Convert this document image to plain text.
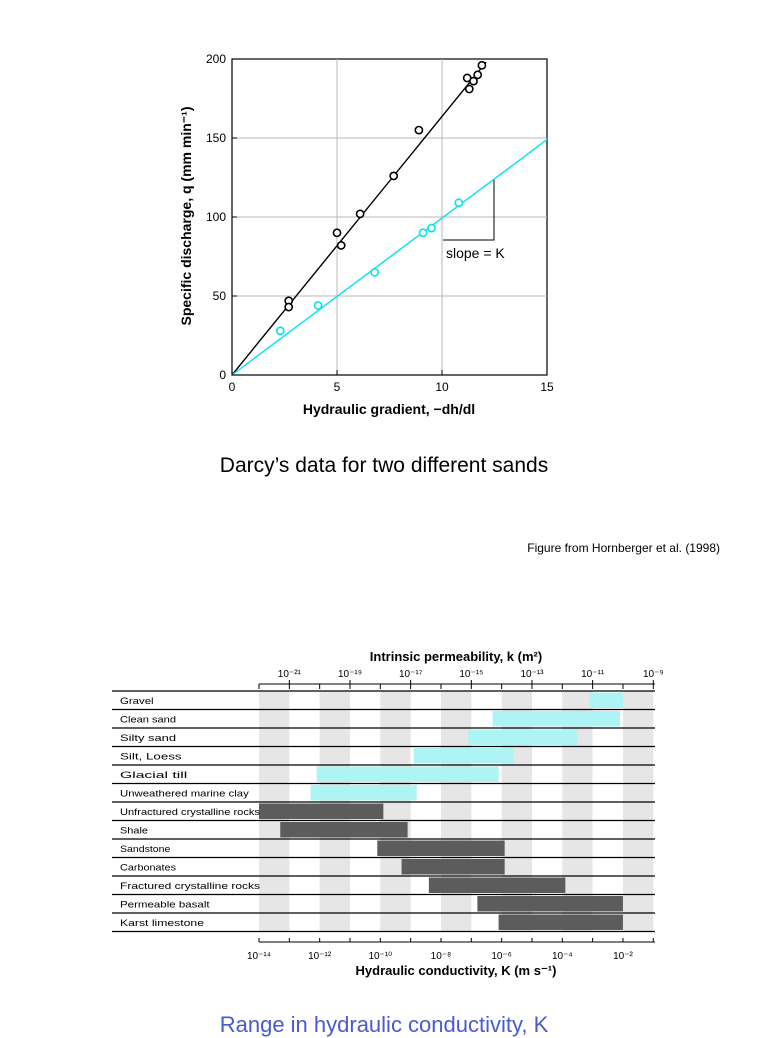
0	5	10	15
0
50
100
150
200
slope = K
Hydraulic gradient, −dh/dl
Specific discharge, q (mm min⁻¹)
Darcy’s data for two different sands
Figure from Hornberger et al. (1998)
Gravel
Clean sand
Silty sand
Silt, Loess
Glacial till
Unweathered marine clay
Unfractured crystalline rocks
Shale
Sandstone
Carbonates
Fractured crystalline rocks
Permeable basalt
Karst limestone
10⁻²¹	10⁻¹⁹	10⁻¹⁷	10⁻¹⁵	10⁻¹³	10⁻¹¹	10⁻⁹
10⁻¹⁴	10⁻¹²	10⁻¹⁰	10⁻⁸	10⁻⁶	10⁻⁴	10⁻²
Intrinsic permeability, k (m²)
Hydraulic conductivity, K (m s⁻¹)
Range in hydraulic conductivity, K
